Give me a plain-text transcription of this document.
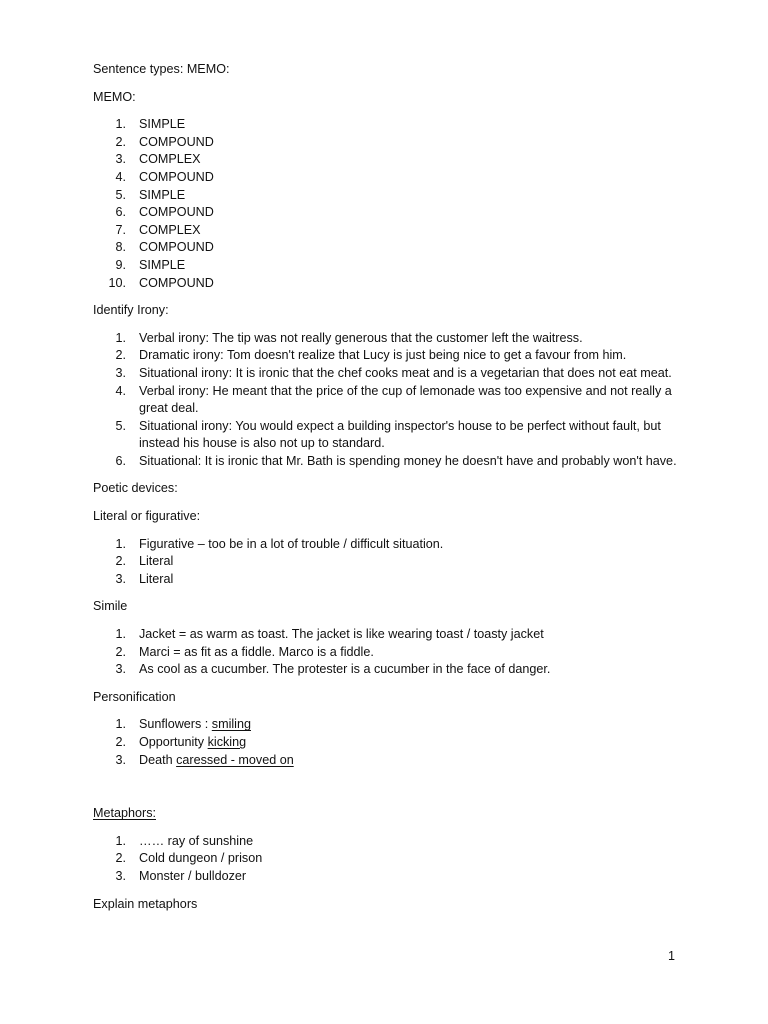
Sentence types: MEMO:

MEMO:

1. SIMPLE
2. COMPOUND
3. COMPLEX
4. COMPOUND
5. SIMPLE
6. COMPOUND
7. COMPLEX
8. COMPOUND
9. SIMPLE
10. COMPOUND

Identify Irony:

1. Verbal irony: The tip was not really generous that the customer left the waitress.
2. Dramatic irony: Tom doesn't realize that Lucy is just being nice to get a favour from him.
3. Situational irony: It is ironic that the chef cooks meat and is a vegetarian that does not eat meat.
4. Verbal irony: He meant that the price of the cup of lemonade was too expensive and not really a great deal.
5. Situational irony: You would expect a building inspector's house to be perfect without fault, but instead his house is also not up to standard.
6. Situational: It is ironic that Mr. Bath is spending money he doesn't have and probably won't have.

Poetic devices:

Literal or figurative:

1. Figurative – too be in a lot of trouble / difficult situation.
2. Literal
3. Literal

Simile

1. Jacket = as warm as toast. The jacket is like wearing toast / toasty jacket
2. Marci = as fit as a fiddle. Marco is a fiddle.
3. As cool as a cucumber. The protester is a cucumber in the face of danger.

Personification

1. Sunflowers : smiling
2. Opportunity kicking
3. Death caressed - moved on

Metaphors:

1. …… ray of sunshine
2. Cold dungeon / prison
3. Monster / bulldozer

Explain metaphors

1
